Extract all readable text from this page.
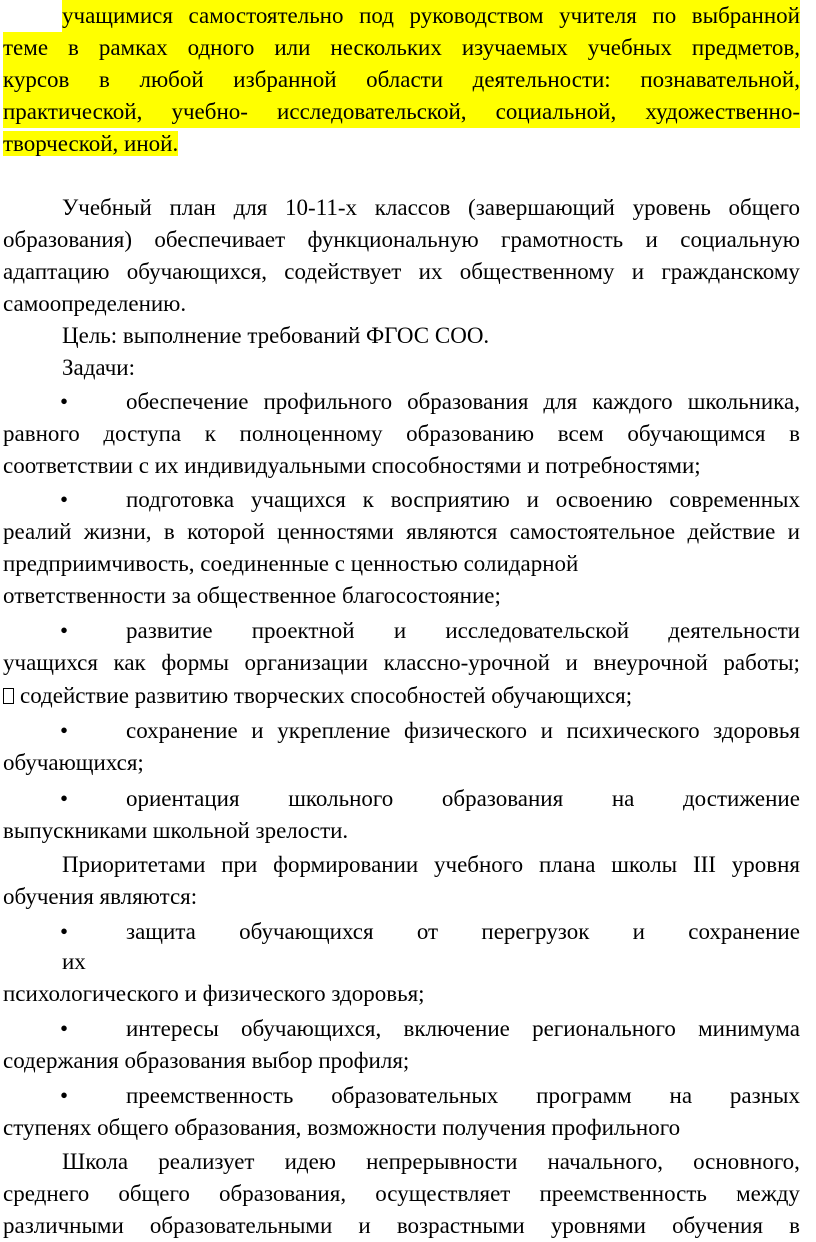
учащимися самостоятельно под руководством учителя по выбранной
теме в рамках одного или нескольких изучаемых учебных предметов,
курсов в любой избранной области деятельности: познавательной,
практической, учебно- исследовательской, социальной, художественно-
творческой, иной.
Учебный план для 10-11-х классов (завершающий уровень общего
образования) обеспечивает функциональную грамотность и социальную
адаптацию обучающихся, содействует их общественному и гражданскому
самоопределению.
Цель: выполнение требований ФГОС СОО.
Задачи:
•	обеспечение профильного образования для каждого школьника,
равного доступа к полноценному образованию всем обучающимся в
соответствии с их индивидуальными способностями и потребностями;
•	подготовка учащихся к восприятию и освоению современных
реалий жизни, в которой ценностями являются самостоятельное действие и
предприимчивость, соединенные с ценностью солидарной
ответственности за общественное благосостояние;
•	развитие проектной и исследовательской деятельности
учащихся как формы организации классно-урочной и внеурочной работы;
содействие развитию творческих способностей обучающихся;
•	сохранение и укрепление физического и психического здоровья
обучающихся;
•	ориентация школьного образования на достижение
выпускниками школьной зрелости.
Приоритетами при формировании учебного плана школы III уровня
обучения являются:
•	защита обучающихся от перегрузок и сохранение
их
психологического и физического здоровья;
•	интересы обучающихся, включение регионального минимума
содержания образования выбор профиля;
•	преемственность образовательных программ на разных
ступенях общего образования, возможности получения профильного
Школа реализует идею непрерывности начального, основного,
среднего общего образования, осуществляет преемственность между
различными образовательными и возрастными уровнями обучения в
